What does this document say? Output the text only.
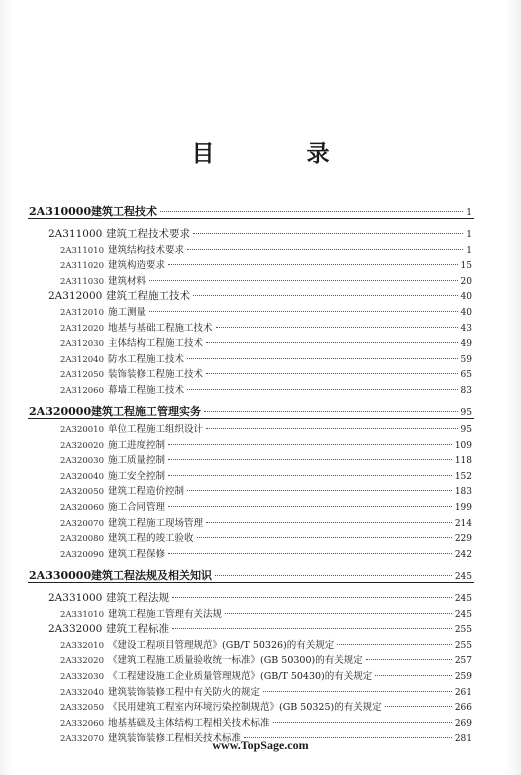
目 录
2A310000 建筑工程技术	1
2A311000 建筑工程技术要求	1
2A311010 建筑结构技术要求	1
2A311020 建筑构造要求	15
2A311030 建筑材料	20
2A312000 建筑工程施工技术	40
2A312010 施工测量	40
2A312020 地基与基础工程施工技术	43
2A312030 主体结构工程施工技术	49
2A312040 防水工程施工技术	59
2A312050 装饰装修工程施工技术	65
2A312060 幕墙工程施工技术	83
2A320000 建筑工程施工管理实务	95
2A320010 单位工程施工组织设计	95
2A320020 施工进度控制	109
2A320030 施工质量控制	118
2A320040 施工安全控制	152
2A320050 建筑工程造价控制	183
2A320060 施工合同管理	199
2A320070 建筑工程施工现场管理	214
2A320080 建筑工程的竣工验收	229
2A320090 建筑工程保修	242
2A330000 建筑工程法规及相关知识	245
2A331000 建筑工程法规	245
2A331010 建筑工程施工管理有关法规	245
2A332000 建筑工程标准	255
2A332010 《建设工程项目管理规范》(GB/T 50326)的有关规定	255
2A332020 《建筑工程施工质量验收统一标准》(GB 50300)的有关规定	257
2A332030 《工程建设施工企业质量管理规范》(GB/T 50430)的有关规定	259
2A332040 建筑装饰装修工程中有关防火的规定	261
2A332050 《民用建筑工程室内环境污染控制规范》(GB 50325)的有关规定	266
2A332060 地基基础及主体结构工程相关技术标准	269
2A332070 建筑装饰装修工程相关技术标准	281
www.TopSage.com
